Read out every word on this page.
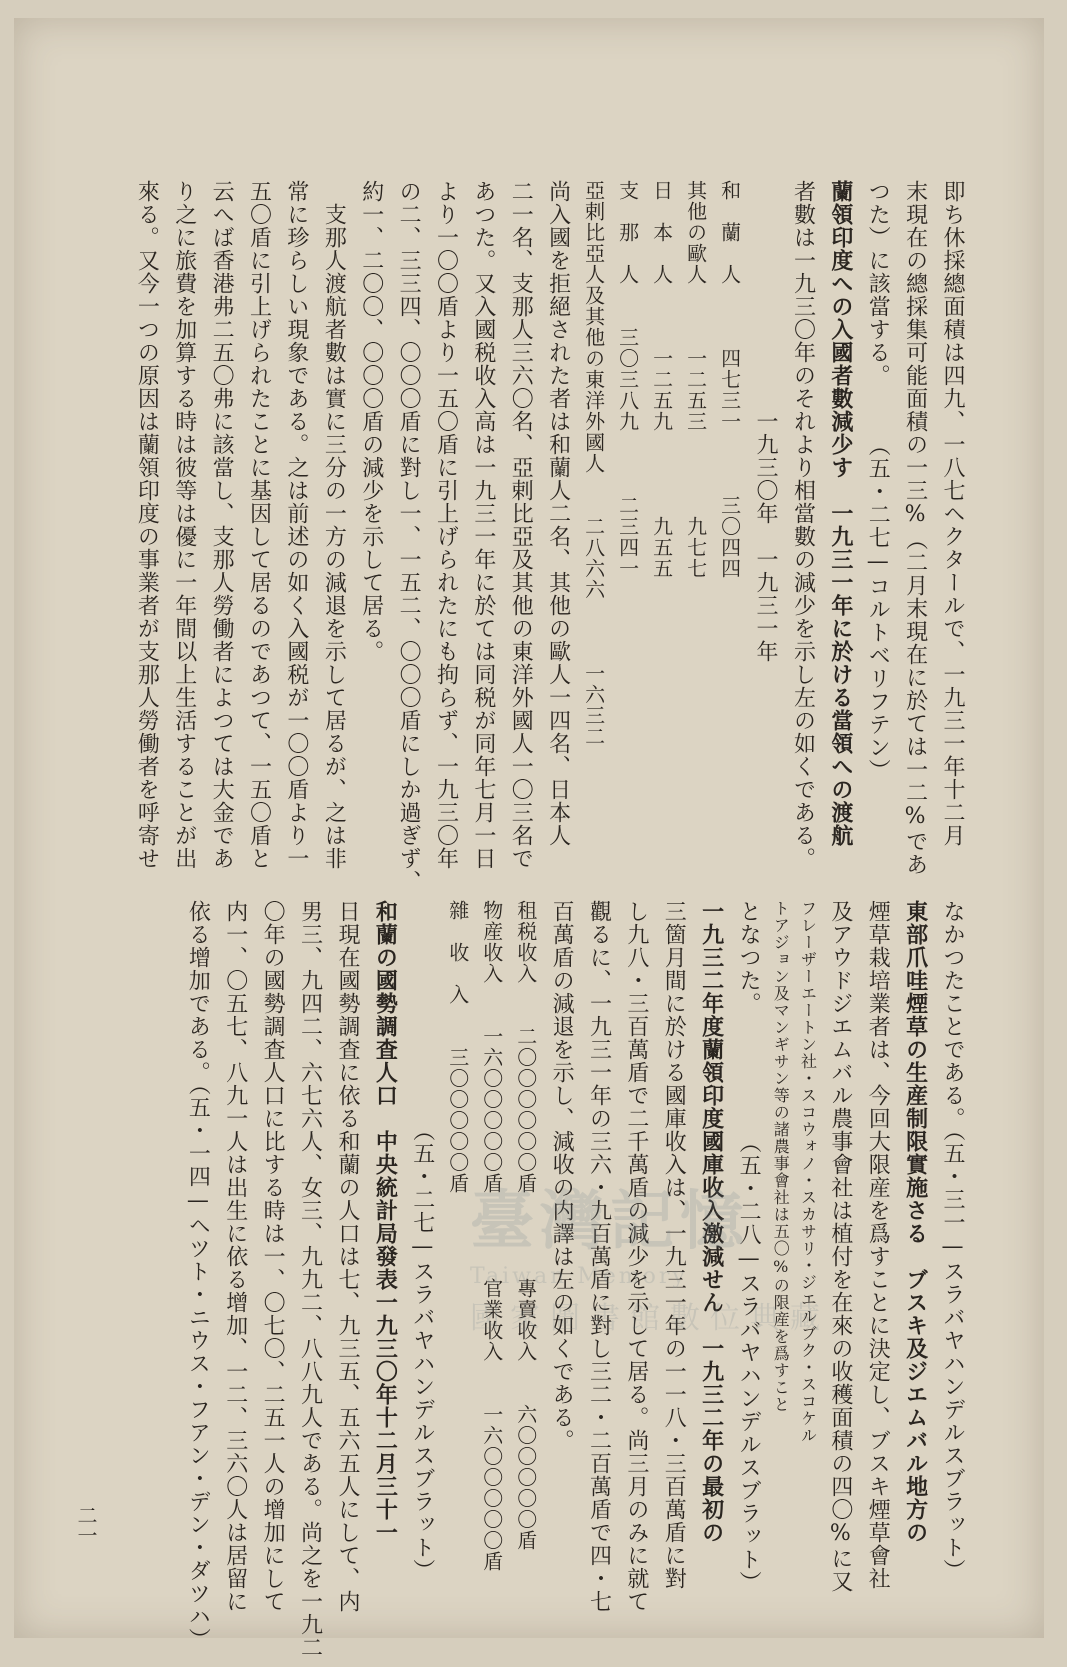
即ち休採總面積は四九、一八七ヘクタールで、一九三一年十二月
末現在の總採集可能面積の一三%（二月末現在に於ては一二%であ
つた）に該當する。　　　（五・二七—コルトベリフテン）
蘭領印度への入國者數減少す　一九三一年に於ける當領への渡航
者數は一九三〇年のそれより相當數の減少を示し左の如くである。
　　　　　　　　　　一九三〇年　一九三一年
和　蘭　人　　　四七三一　　　三〇四四
其他の歐人　　　一二五三　　　　九七七
日　本　人　　　一二五九　　　　九五五
支　那　人　　三〇三八九　　　二三四一
亞剌比亞人及其他の東洋外國人　　二八六六　　　一六三二
尚入國を拒絕された者は和蘭人二名、其他の歐人一四名、日本人
二一名、支那人三六〇名、亞剌比亞及其他の東洋外國人一〇三名で
あつた。又入國税收入高は一九三一年に於ては同税が同年七月一日
より一〇〇盾より一五〇盾に引上げられたにも拘らず、一九三〇年
の二、三三四、〇〇〇盾に對し一、一五二、〇〇〇盾にしか過ぎず、
約一、二〇〇、〇〇〇盾の減少を示して居る。
　支那人渡航者數は實に三分の一方の減退を示して居るが、之は非
常に珍らしい現象である。之は前述の如く入國税が一〇〇盾より一
五〇盾に引上げられたことに基因して居るのであつて、一五〇盾と
云へば香港弗二五〇弗に該當し、支那人勞働者によつては大金であ
り之に旅費を加算する時は彼等は優に一年間以上生活することが出
來る。又今一つの原因は蘭領印度の事業者が支那人勞働者を呼寄せ
なかつたことである。（五・三一—スラバヤハンデルスブラット）
東部爪哇煙草の生産制限實施さる　ブスキ及ジエムバル地方の
煙草栽培業者は、今回大限産を爲すことに決定し、ブスキ煙草會社
及アウドジエムバル農事會社は植付を在來の收穫面積の四〇%に又
フレーザーエートン社・スコウォノ・スカサリ・ジエルブク・スコケル
トアジョン及マンギサン等の諸農事會社は五〇%の限産を爲すこと
となつた。　　　　　　（五・二八—スラバヤハンデルスブラット）
一九三二年度蘭領印度國庫收入激減せん　一九三二年の最初の
三箇月間に於ける國庫收入は、一九三一年の一一八・三百萬盾に對
し九八・三百萬盾で二千萬盾の減少を示して居る。尚三月のみに就て
觀るに、一九三一年の三六・九百萬盾に對し三二・二百萬盾で四・七
百萬盾の減退を示し、減收の内譯は左の如くである。
租税收入　　二〇〇〇〇〇〇盾　　　　專賣收入　　六〇〇〇〇〇盾
物産收入　　一六〇〇〇〇〇盾　　　　官業收入　　一六〇〇〇〇〇盾
雜　收　入　　三〇〇〇〇〇盾
　　　　　　　　　　（五・二七—スラバヤハンデルスブラット）
和蘭の國勢調査人口　中央統計局發表一九三〇年十二月三十一
日現在國勢調査に依る和蘭の人口は七、九三五、五六五人にして、内
男三、九四二、六七六人、女三、九九二、八八九人である。尚之を一九二
〇年の國勢調査人口に比する時は一、〇七〇、二五一人の增加にして
内一、〇五七、八九一人は出生に依る增加、一二、三六〇人は居留に
依る增加である。（五・一四—ヘツト・ニウス・フアン・デン・ダツハ）	臺灣記憶
Taiwan Memory
國家圖書館數位典藏
二一
